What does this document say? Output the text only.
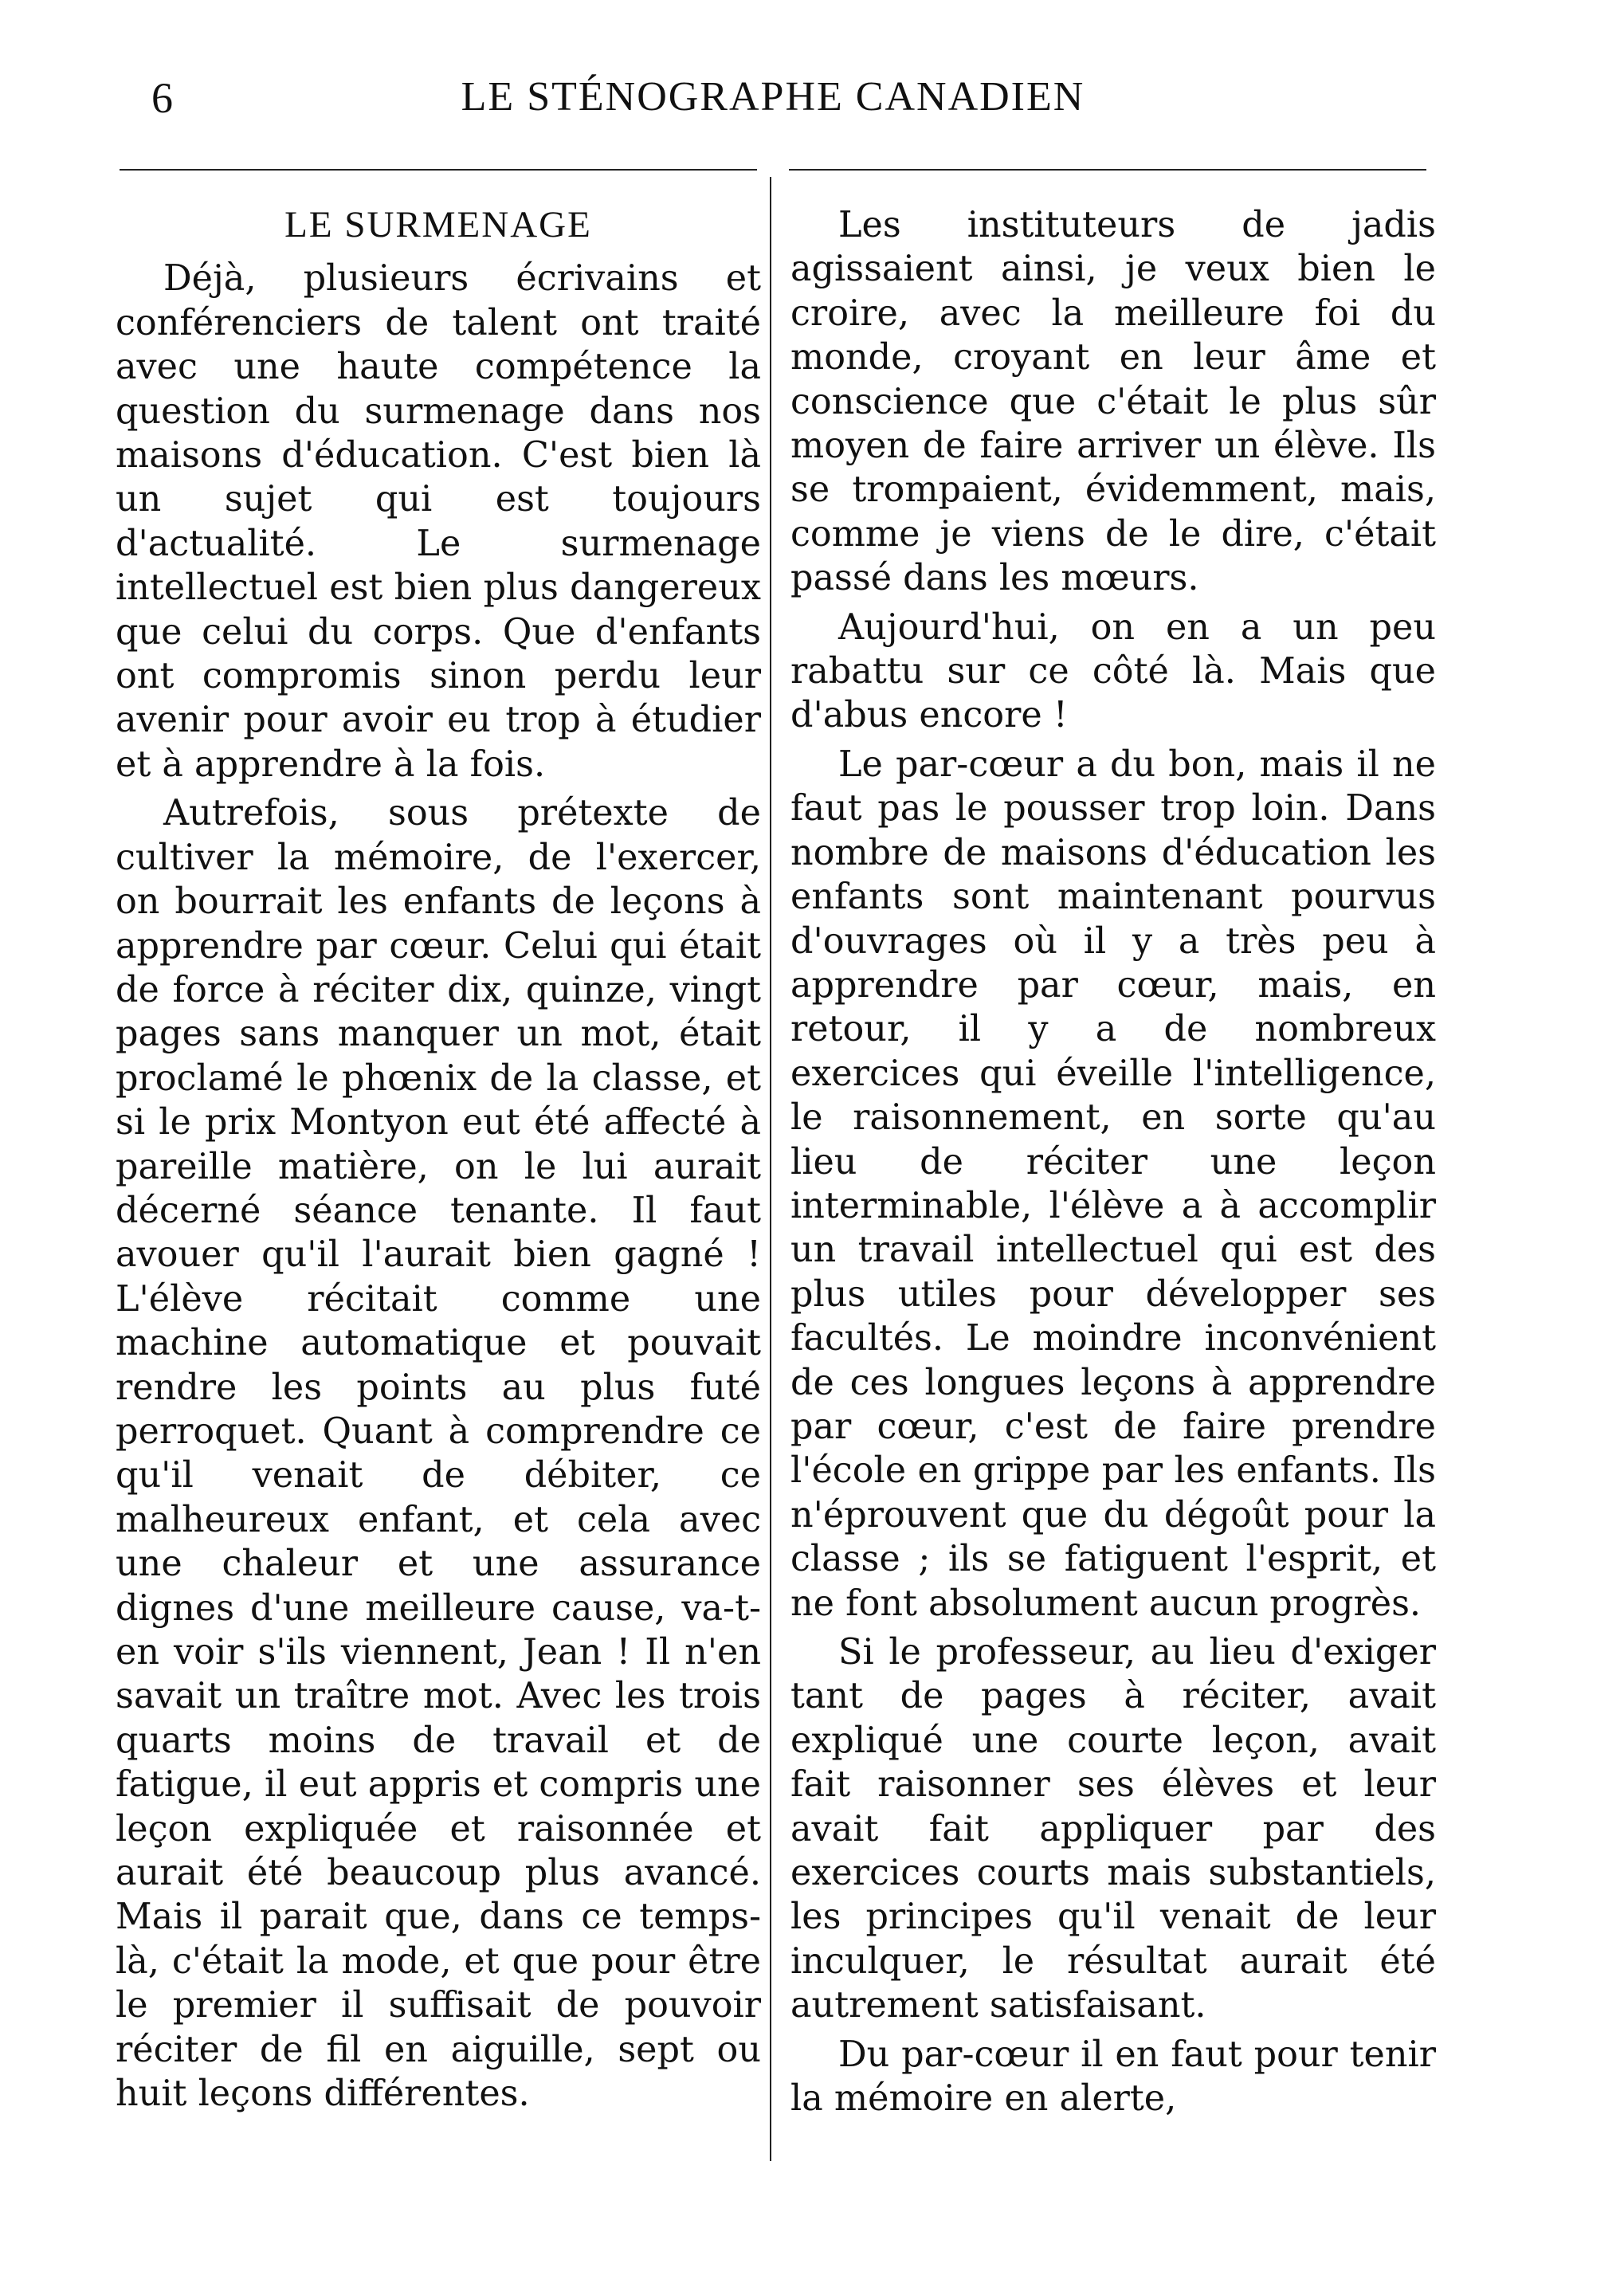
6	LE STÉNOGRAPHE CANADIEN
LE SURMENAGE

Déjà, plusieurs écrivains et conférenciers de talent ont traité avec une haute compétence la question du surmenage dans nos maisons d'éducation. C'est bien là un sujet qui est toujours d'actualité. Le surmenage intellectuel est bien plus dangereux que celui du corps. Que d'enfants ont compromis sinon perdu leur avenir pour avoir eu trop à étudier et à apprendre à la fois.

Autrefois, sous prétexte de cultiver la mémoire, de l'exercer, on bourrait les enfants de leçons à apprendre par cœur. Celui qui était de force à réciter dix, quinze, vingt pages sans manquer un mot, était proclamé le phœnix de la classe, et si le prix Montyon eut été affecté à pareille matière, on le lui aurait décerné séance tenante. Il faut avouer qu'il l'aurait bien gagné ! L'élève récitait comme une machine automatique et pouvait rendre les points au plus futé perroquet. Quant à comprendre ce qu'il venait de débiter, ce malheureux enfant, et cela avec une chaleur et une assurance dignes d'une meilleure cause, va-t-en voir s'ils viennent, Jean ! Il n'en savait un traître mot. Avec les trois quarts moins de travail et de fatigue, il eut appris et compris une leçon expliquée et raisonnée et aurait été beaucoup plus avancé. Mais il parait que, dans ce temps-là, c'était la mode, et que pour être le premier il suffisait de pouvoir réciter de fil en aiguille, sept ou huit leçons différentes.

Les instituteurs de jadis agissaient ainsi, je veux bien le croire, avec la meilleure foi du monde, croyant en leur âme et conscience que c'était le plus sûr moyen de faire arriver un élève. Ils se trompaient, évidemment, mais, comme je viens de le dire, c'était passé dans les mœurs.

Aujourd'hui, on en a un peu rabattu sur ce côté là. Mais que d'abus encore !

Le par-cœur a du bon, mais il ne faut pas le pousser trop loin. Dans nombre de maisons d'éducation les enfants sont maintenant pourvus d'ouvrages où il y a très peu à apprendre par cœur, mais, en retour, il y a de nombreux exercices qui éveille l'intelligence, le raisonnement, en sorte qu'au lieu de réciter une leçon interminable, l'élève a à accomplir un travail intellectuel qui est des plus utiles pour développer ses facultés. Le moindre inconvénient de ces longues leçons à apprendre par cœur, c'est de faire prendre l'école en grippe par les enfants. Ils n'éprouvent que du dégoût pour la classe ; ils se fatiguent l'esprit, et ne font absolument aucun progrès.

Si le professeur, au lieu d'exiger tant de pages à réciter, avait expliqué une courte leçon, avait fait raisonner ses élèves et leur avait fait appliquer par des exercices courts mais substantiels, les principes qu'il venait de leur inculquer, le résultat aurait été autrement satisfaisant.

Du par-cœur il en faut pour tenir la mémoire en alerte,
